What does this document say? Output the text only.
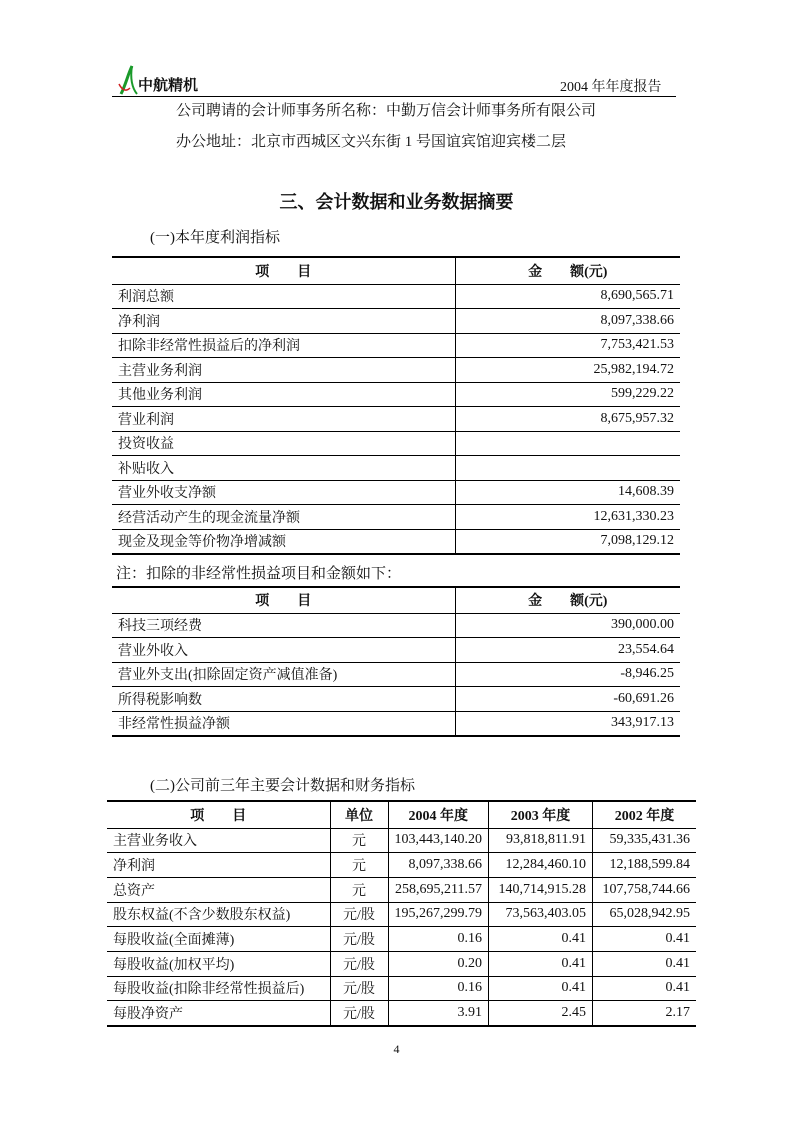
中航精机	2004 年年度报告
公司聘请的会计师事务所名称：中勤万信会计师事务所有限公司
办公地址：北京市西城区文兴东街 1 号国谊宾馆迎宾楼二层
三、会计数据和业务数据摘要
(一)本年度利润指标
项　　目	金　　额(元)
利润总额	8,690,565.71
净利润	8,097,338.66
扣除非经常性损益后的净利润	7,753,421.53
主营业务利润	25,982,194.72
其他业务利润	599,229.22
营业利润	8,675,957.32
投资收益	
补贴收入	
营业外收支净额	14,608.39
经营活动产生的现金流量净额	12,631,330.23
现金及现金等价物净增减额	7,098,129.12
注：扣除的非经常性损益项目和金额如下：
项　　目	金　　额(元)
科技三项经费	390,000.00
营业外收入	23,554.64
营业外支出(扣除固定资产减值准备)	-8,946.25
所得税影响数	-60,691.26
非经常性损益净额	343,917.13
(二)公司前三年主要会计数据和财务指标
项　　目	单位	2004 年度	2003 年度	2002 年度
主营业务收入	元	103,443,140.20	93,818,811.91	59,335,431.36
净利润	元	8,097,338.66	12,284,460.10	12,188,599.84
总资产	元	258,695,211.57	140,714,915.28	107,758,744.66
股东权益(不含少数股东权益)	元/股	195,267,299.79	73,563,403.05	65,028,942.95
每股收益(全面摊薄)	元/股	0.16	0.41	0.41
每股收益(加权平均)	元/股	0.20	0.41	0.41
每股收益(扣除非经常性损益后)	元/股	0.16	0.41	0.41
每股净资产	元/股	3.91	2.45	2.17
4
